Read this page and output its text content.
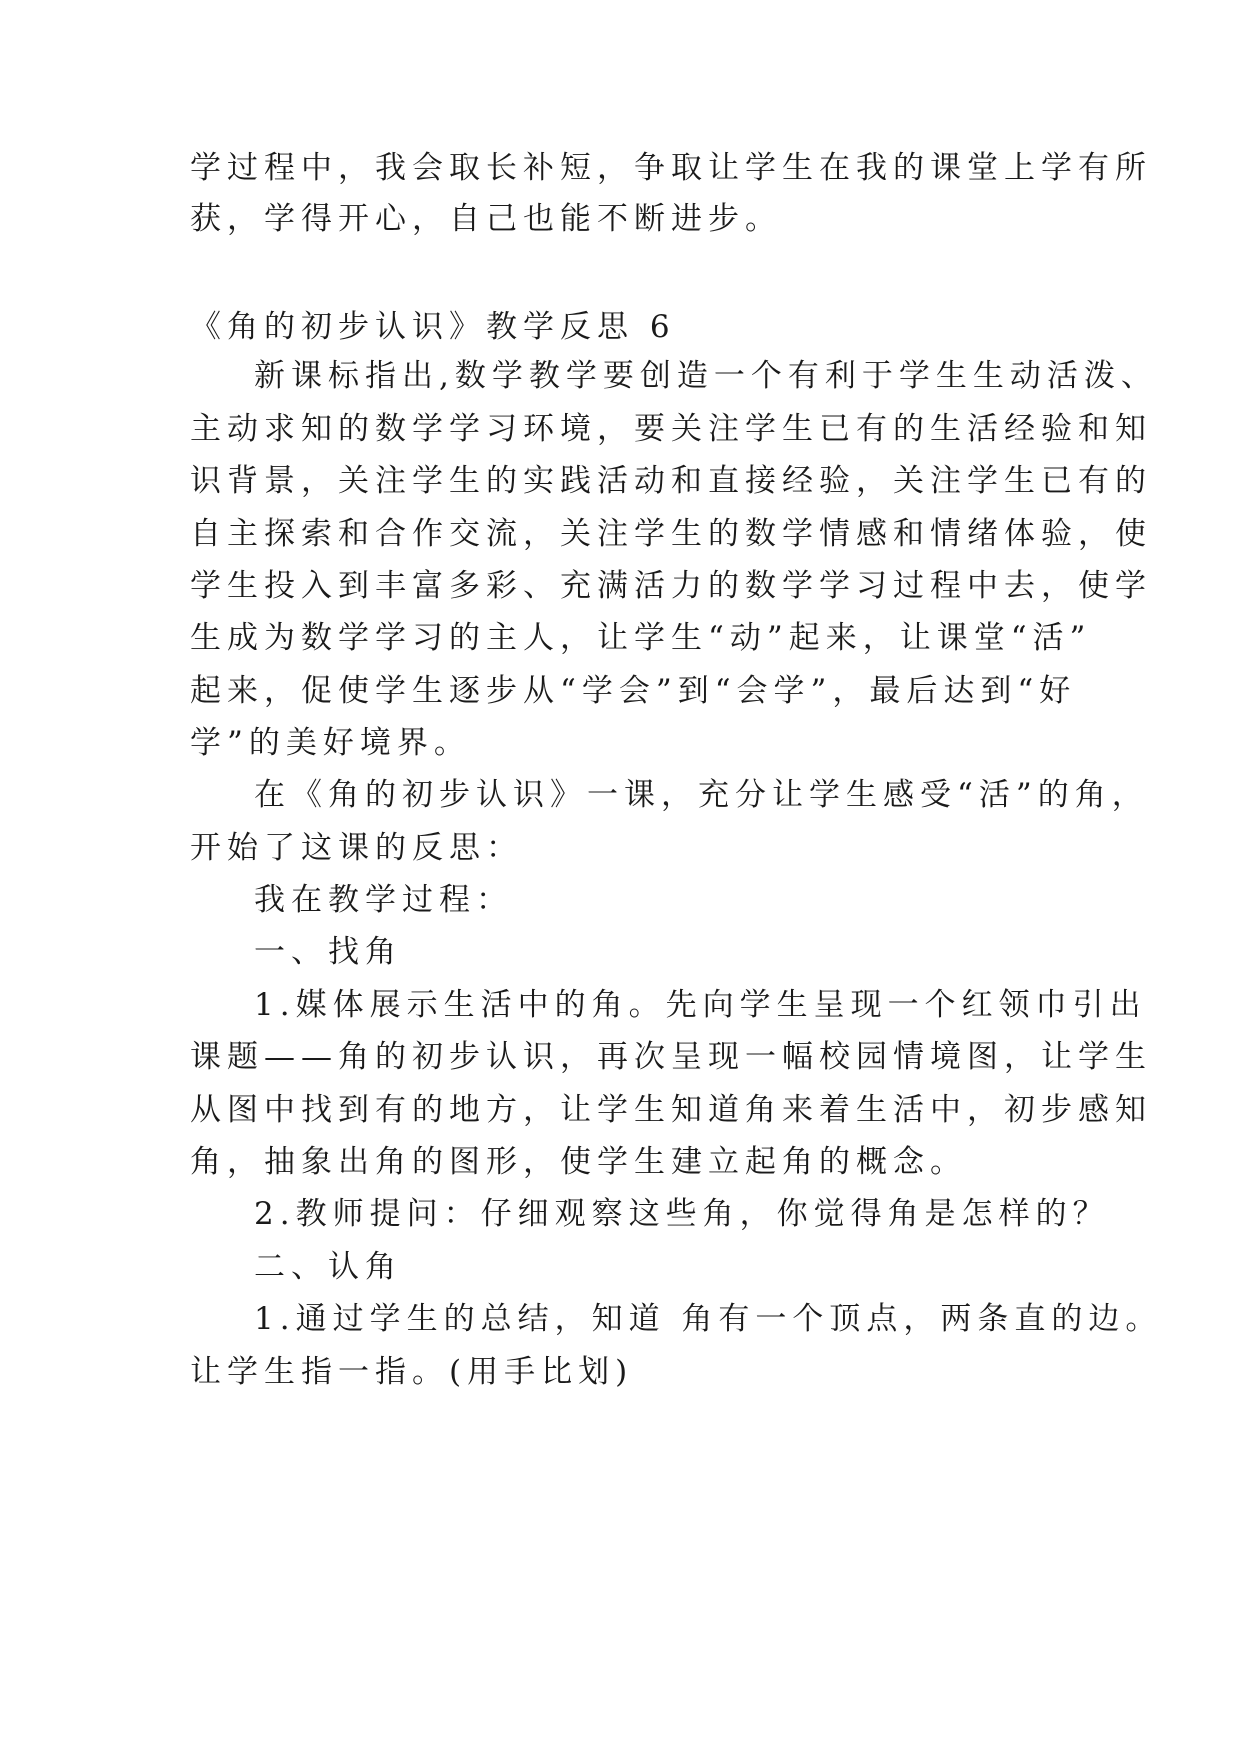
学过程中，我会取长补短，争取让学生在我的课堂上学有所
获，学得开心，自己也能不断进步。
《角的初步认识》教学反思 6
新课标指出,数学教学要创造一个有利于学生生动活泼、
主动求知的数学学习环境，要关注学生已有的生活经验和知
识背景，关注学生的实践活动和直接经验，关注学生已有的
自主探索和合作交流，关注学生的数学情感和情绪体验，使
学生投入到丰富多彩、充满活力的数学学习过程中去，使学
生成为数学学习的主人，让学生“动”起来，让课堂“活”
起来，促使学生逐步从“学会”到“会学”，最后达到“好
学”的美好境界。
在《角的初步认识》一课，充分让学生感受“活”的角，
开始了这课的反思：
我在教学过程：
一、找角
1.媒体展示生活中的角。先向学生呈现一个红领巾引出
课题——角的初步认识，再次呈现一幅校园情境图，让学生
从图中找到有的地方，让学生知道角来着生活中，初步感知
角，抽象出角的图形，使学生建立起角的概念。
2.教师提问：仔细观察这些角，你觉得角是怎样的？
二、认角
1.通过学生的总结，知道 角有一个顶点，两条直的边。
让学生指一指。(用手比划)
